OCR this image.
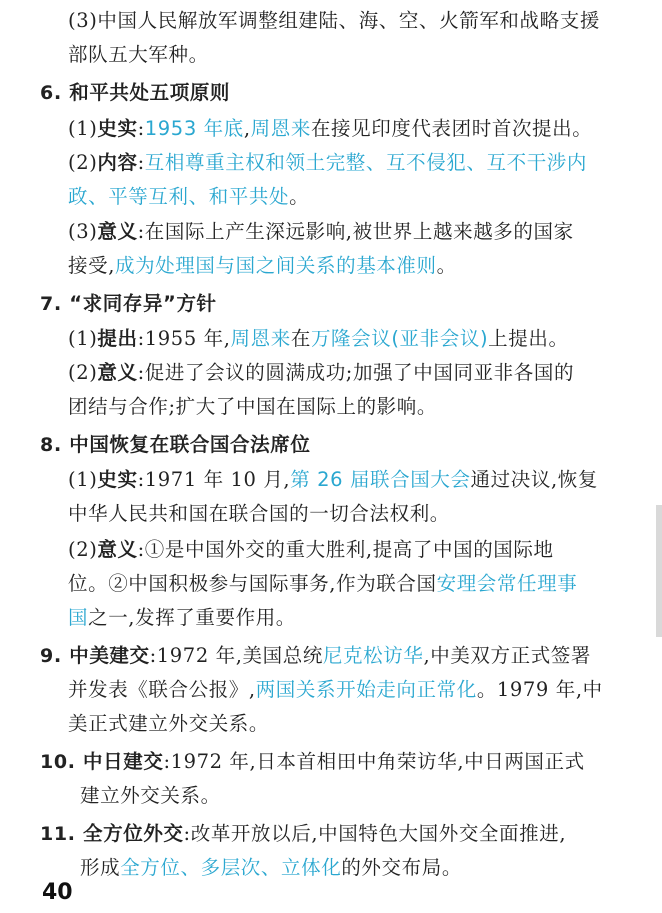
(3)中国人民解放军调整组建陆、海、空、火箭军和战略支援
部队五大军种。
6. 和平共处五项原则
(1)史实:1953 年底,周恩来在接见印度代表团时首次提出。
(2)内容:互相尊重主权和领土完整、互不侵犯、互不干涉内
政、平等互利、和平共处。
(3)意义:在国际上产生深远影响,被世界上越来越多的国家
接受,成为处理国与国之间关系的基本准则。
7. “求同存异”方针
(1)提出:1955 年,周恩来在万隆会议(亚非会议)上提出。
(2)意义:促进了会议的圆满成功;加强了中国同亚非各国的
团结与合作;扩大了中国在国际上的影响。
8. 中国恢复在联合国合法席位
(1)史实:1971 年 10 月,第 26 届联合国大会通过决议,恢复
中华人民共和国在联合国的一切合法权利。
(2)意义:①是中国外交的重大胜利,提高了中国的国际地
位。②中国积极参与国际事务,作为联合国安理会常任理事
国之一,发挥了重要作用。
9. 中美建交:1972 年,美国总统尼克松访华,中美双方正式签署
并发表《联合公报》,两国关系开始走向正常化。1979 年,中
美正式建立外交关系。
10. 中日建交:1972 年,日本首相田中角荣访华,中日两国正式
建立外交关系。
11. 全方位外交:改革开放以后,中国特色大国外交全面推进,
形成全方位、多层次、立体化的外交布局。
40
